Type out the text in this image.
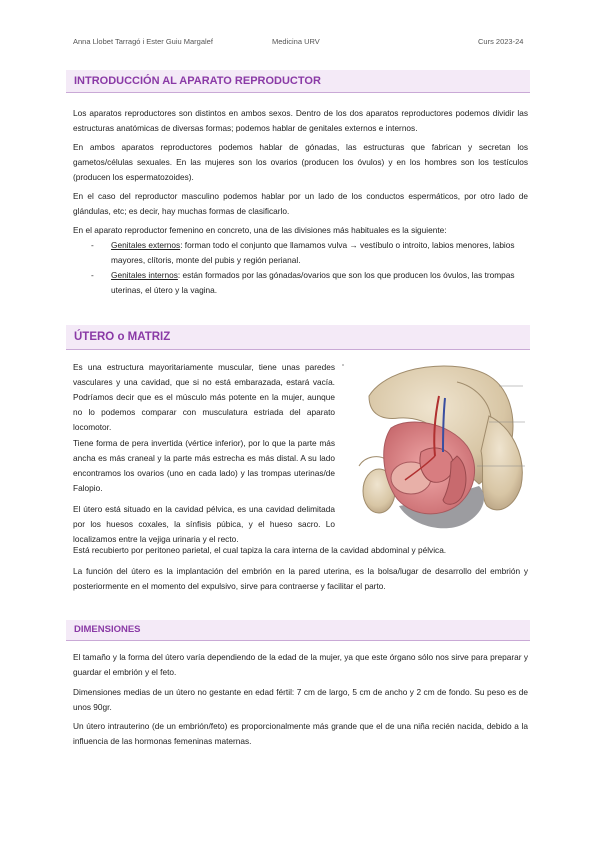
Anna Llobet Tarragó i Ester Guiu Margalef	Medicina URV	Curs 2023-24
INTRODUCCIÓN AL APARATO REPRODUCTOR

Los aparatos reproductores son distintos en ambos sexos. Dentro de los dos aparatos reproductores podemos dividir las estructuras anatómicas de diversas formas; podemos hablar de genitales externos e internos.

En ambos aparatos reproductores podemos hablar de gónadas, las estructuras que fabrican y secretan los gametos/células sexuales. En las mujeres son los ovarios (producen los óvulos) y en los hombres son los testículos (producen los espermatozoides).

En el caso del reproductor masculino podemos hablar por un lado de los conductos espermáticos, por otro lado de glándulas, etc; es decir, hay muchas formas de clasificarlo.

En el aparato reproductor femenino en concreto, una de las divisiones más habituales es la siguiente:

- Genitales externos: forman todo el conjunto que llamamos vulva → vestíbulo o introito, labios menores, labios mayores, clítoris, monte del pubis y región perianal.
- Genitales internos: están formados por las gónadas/ovarios que son los que producen los óvulos, las trompas uterinas, el útero y la vagina.
ÚTERO o MATRIZ

Es una estructura mayoritariamente muscular, tiene unas paredes vasculares y una cavidad, que si no está embarazada, estará vacía. Podríamos decir que es el músculo más potente en la mujer, aunque no lo podemos comparar con musculatura estriada del aparato locomotor.

Tiene forma de pera invertida (vértice inferior), por lo que la parte más ancha es más craneal y la parte más estrecha es más distal. A su lado encontramos los ovarios (uno en cada lado) y las trompas uterinas/de Falopio.

El útero está situado en la cavidad pélvica, es una cavidad delimitada por los huesos coxales, la sínfisis púbica, y el hueso sacro. Lo localizamos entre la vejiga urinaria y el recto.

Está recubierto por peritoneo parietal, el cual tapiza la cara interna de la cavidad abdominal y pélvica.

La función del útero es la implantación del embrión en la pared uterina, es la bolsa/lugar de desarrollo del embrión y posteriormente en el momento del expulsivo, sirve para contraerse y facilitar el parto.

DIMENSIONES

El tamaño y la forma del útero varía dependiendo de la edad de la mujer, ya que este órgano sólo nos sirve para preparar y guardar el embrión y el feto.

Dimensiones medias de un útero no gestante en edad fértil: 7 cm de largo, 5 cm de ancho y 2 cm de fondo. Su peso es de unos 90gr.

Un útero intrauterino (de un embrión/feto) es proporcionalmente más grande que el de una niña recién nacida, debido a la influencia de las hormonas femeninas maternas.
